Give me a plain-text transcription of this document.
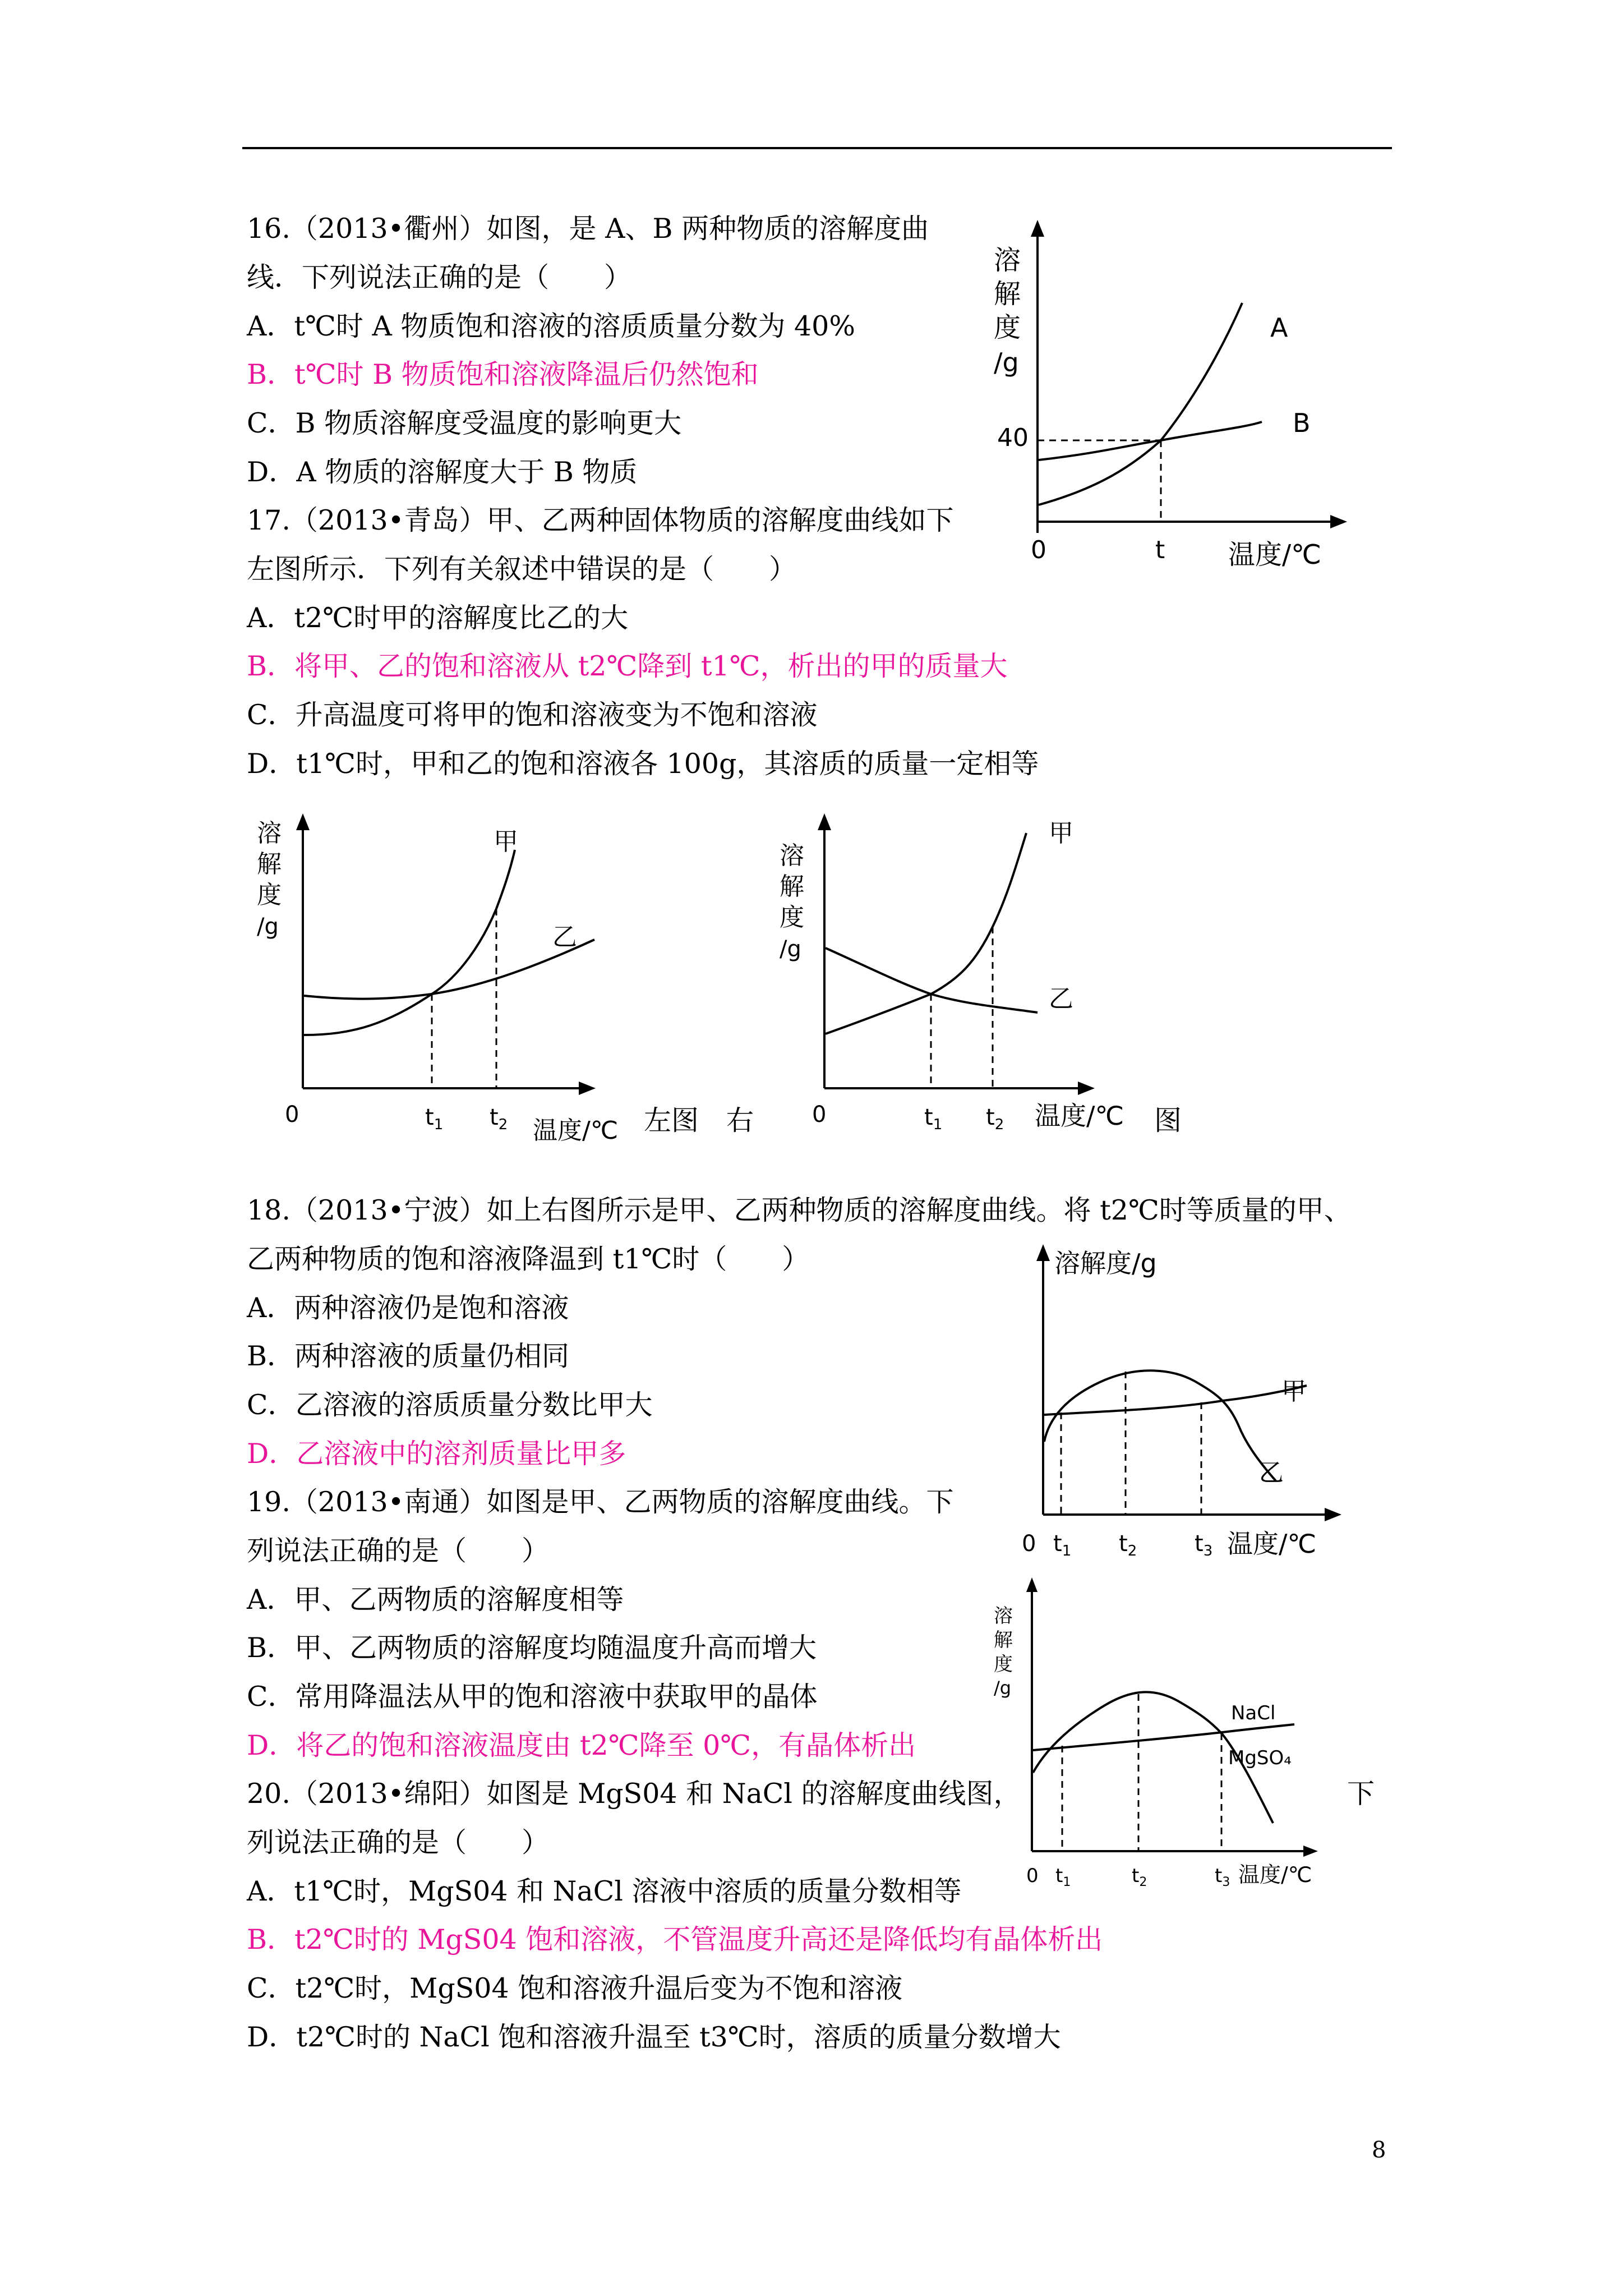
16.（2013•衢州）如图，是 A、B 两种物质的溶解度曲
线．下列说法正确的是（　　）
A．t℃时 A 物质饱和溶液的溶质质量分数为 40%
B．t℃时 B 物质饱和溶液降温后仍然饱和
C．B 物质溶解度受温度的影响更大
D．A 物质的溶解度大于 B 物质
17.（2013•青岛）甲、乙两种固体物质的溶解度曲线如下
左图所示．下列有关叙述中错误的是（　　）
A．t2℃时甲的溶解度比乙的大
B．将甲、乙的饱和溶液从 t2℃降到 t1℃，析出的甲的质量大
C．升高温度可将甲的饱和溶液变为不饱和溶液
D．t1℃时，甲和乙的饱和溶液各 100g，其溶质的质量一定相等
18.（2013•宁波）如上右图所示是甲、乙两种物质的溶解度曲线。将 t2℃时等质量的甲、
乙两种物质的饱和溶液降温到 t1℃时（　　）
A．两种溶液仍是饱和溶液
B．两种溶液的质量仍相同
C．乙溶液的溶质质量分数比甲大
D．乙溶液中的溶剂质量比甲多
19.（2013•南通）如图是甲、乙两物质的溶解度曲线。下
列说法正确的是（　　）
A．甲、乙两物质的溶解度相等
B．甲、乙两物质的溶解度均随温度升高而增大
C．常用降温法从甲的饱和溶液中获取甲的晶体
D．将乙的饱和溶液温度由 t2℃降至 0℃，有晶体析出
20.（2013•绵阳）如图是 MgS04 和 NaCl 的溶解度曲线图，	下
列说法正确的是（　　）
A．t1℃时，MgS04 和 NaCl 溶液中溶质的质量分数相等
B．t2℃时的 MgS04 饱和溶液，不管温度升高还是降低均有晶体析出
C．t2℃时，MgS04 饱和溶液升温后变为不饱和溶液
D．t2℃时的 NaCl 饱和溶液升温至 t3℃时，溶质的质量分数增大
溶
解
度
/g
A
B
40
0	t 温度/℃
溶
解
度
/g
甲
乙
0	$t_1$ $t_2$ 温度/℃ 左图　右
溶
解
度
/g
甲
乙
0	$t_1$ $t_2$ 温度/℃ 图
溶解度/g
甲
乙
0 $t_1$ $t_2$	$t_3$ 温度/℃
溶
解
度
/g
NaCl
MgSO₄
0 $t_1$	$t_2$	$t_3$ 温度/℃
8
